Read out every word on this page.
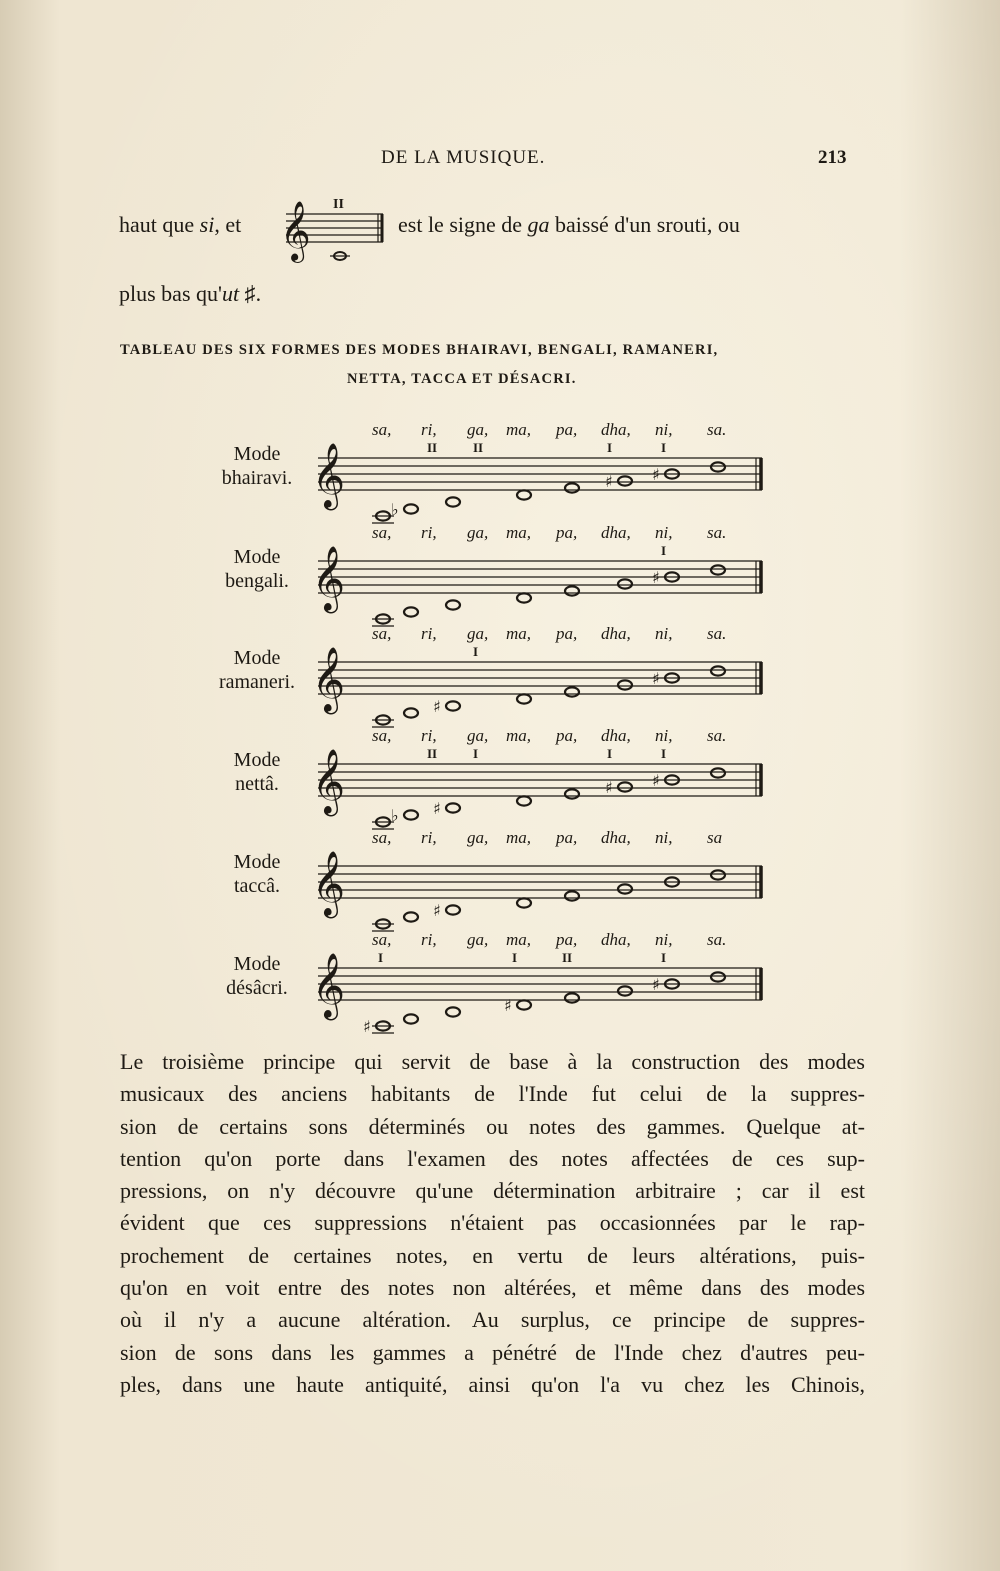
DE LA MUSIQUE.	213
haut que si, et 𝄞 II
est le signe de ga baissé d'un srouti, ou
plus bas qu'ut ♯.
TABLEAU DES SIX FORMES DES MODES BHAIRAVI, BENGALI, RAMANERI,
NETTA, TACCA ET DÉSACRI.
Mode
bhairavi.
sa, ri, ga, ma, pa, dha, ni, sa.
𝄞
♭
II	II
♯
I
♯
I
Mode
bengali.
sa, ri, ga, ma, pa, dha, ni, sa.
𝄞	♯
I
Mode
ramaneri.
sa, ri, ga, ma, pa, dha, ni, sa.
𝄞	♯
I
♯
Mode
nettâ.
sa, ri, ga, ma, pa, dha, ni, sa.
𝄞
♭
II
♯
I
♯
I
♯
I
Mode
taccâ.
sa, ri, ga, ma, pa, dha, ni, sa
𝄞	♯
Mode
désâcri.
sa, ri, ga, ma, pa, dha, ni, sa.
𝄞
♯
I
♯
I	II
♯
I

Le troisième principe qui servit de base à la construction des modes
musicaux des anciens habitants de l'Inde fut celui de la suppres-
sion de certains sons déterminés ou notes des gammes. Quelque at-
tention qu'on porte dans l'examen des notes affectées de ces sup-
pressions, on n'y découvre qu'une détermination arbitraire ; car il est
évident que ces suppressions n'étaient pas occasionnées par le rap-
prochement de certaines notes, en vertu de leurs altérations, puis-
qu'on en voit entre des notes non altérées, et même dans des modes
où il n'y a aucune altération. Au surplus, ce principe de suppres-
sion de sons dans les gammes a pénétré de l'Inde chez d'autres peu-
ples, dans une haute antiquité, ainsi qu'on l'a vu chez les Chinois,
